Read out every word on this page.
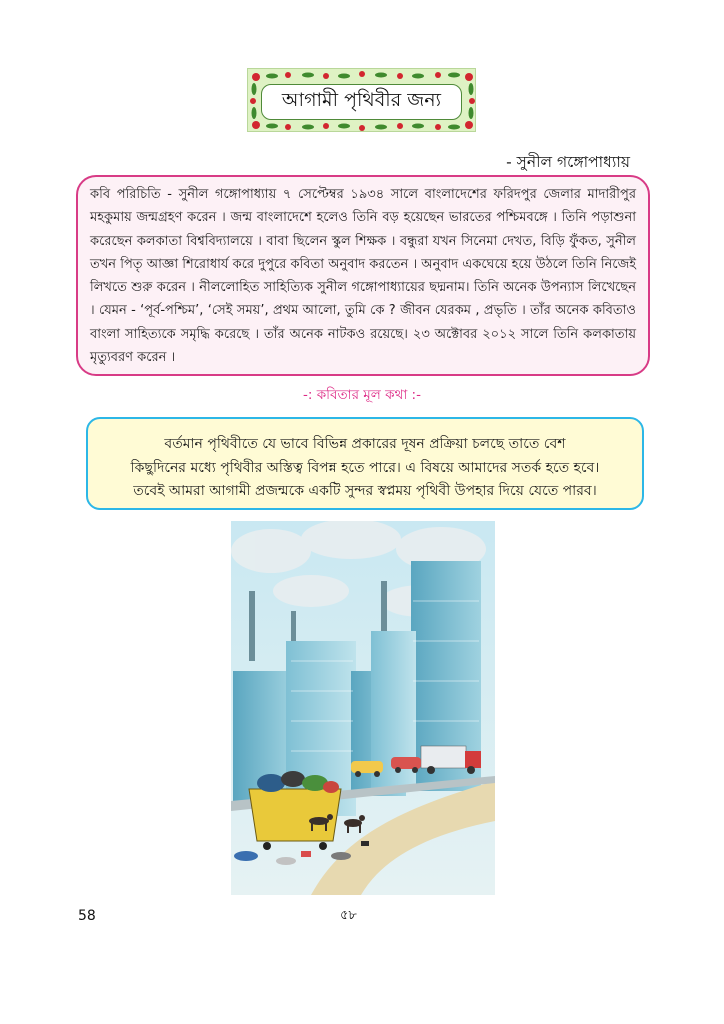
আগামী পৃথিবীর জন্য
- সুনীল গঙ্গোপাধ্যায়

কবি পরিচিতি - সুনীল গঙ্গোপাধ্যায় ৭ সেপ্টেম্বর ১৯৩৪ সালে বাংলাদেশের ফরিদপুর জেলার মাদারীপুর মহকুমায় জন্মগ্রহণ করেন । জন্ম বাংলাদেশে হলেও তিনি বড় হয়েছেন ভারতের পশ্চিমবঙ্গে । তিনি পড়াশুনা করেছেন কলকাতা বিশ্ববিদ্যালয়ে । বাবা ছিলেন স্কুল শিক্ষক । বন্ধুরা যখন সিনেমা দেখত, বিড়ি ফুঁকত, সুনীল তখন পিতৃ আজ্ঞা শিরোধার্য করে দুপুরে কবিতা অনুবাদ করতেন । অনুবাদ একঘেয়ে হয়ে উঠলে তিনি নিজেই লিখতে শুরু করেন । নীললোহিত সাহিত্যিক সুনীল গঙ্গোপাধ্যায়ের ছদ্মনাম। তিনি অনেক উপন্যাস লিখেছেন । যেমন - ‘পূর্ব-পশ্চিম’, ‘সেই সময়’, প্রথম আলো, তুমি কে ? জীবন যেরকম , প্রভৃতি । তাঁর অনেক কবিতাও বাংলা সাহিত্যকে সমৃদ্ধি করেছে । তাঁর অনেক নাটকও রয়েছে। ২৩ অক্টোবর ২০১২ সালে তিনি কলকাতায় মৃত্যুবরণ করেন ।

-: কবিতার মূল কথা :-

বর্তমান পৃথিবীতে যে ভাবে বিভিন্ন প্রকারের দূষন প্রক্রিয়া চলছে তাতে বেশ

কিছুদিনের মধ্যে পৃথিবীর অস্তিত্ব বিপন্ন হতে পারে। এ বিষয়ে আমাদের সতর্ক হতে হবে।

তবেই আমরা আগামী প্রজন্মকে একটি সুন্দর স্বপ্নময় পৃথিবী উপহার দিয়ে যেতে পারব।

58	৫৮
